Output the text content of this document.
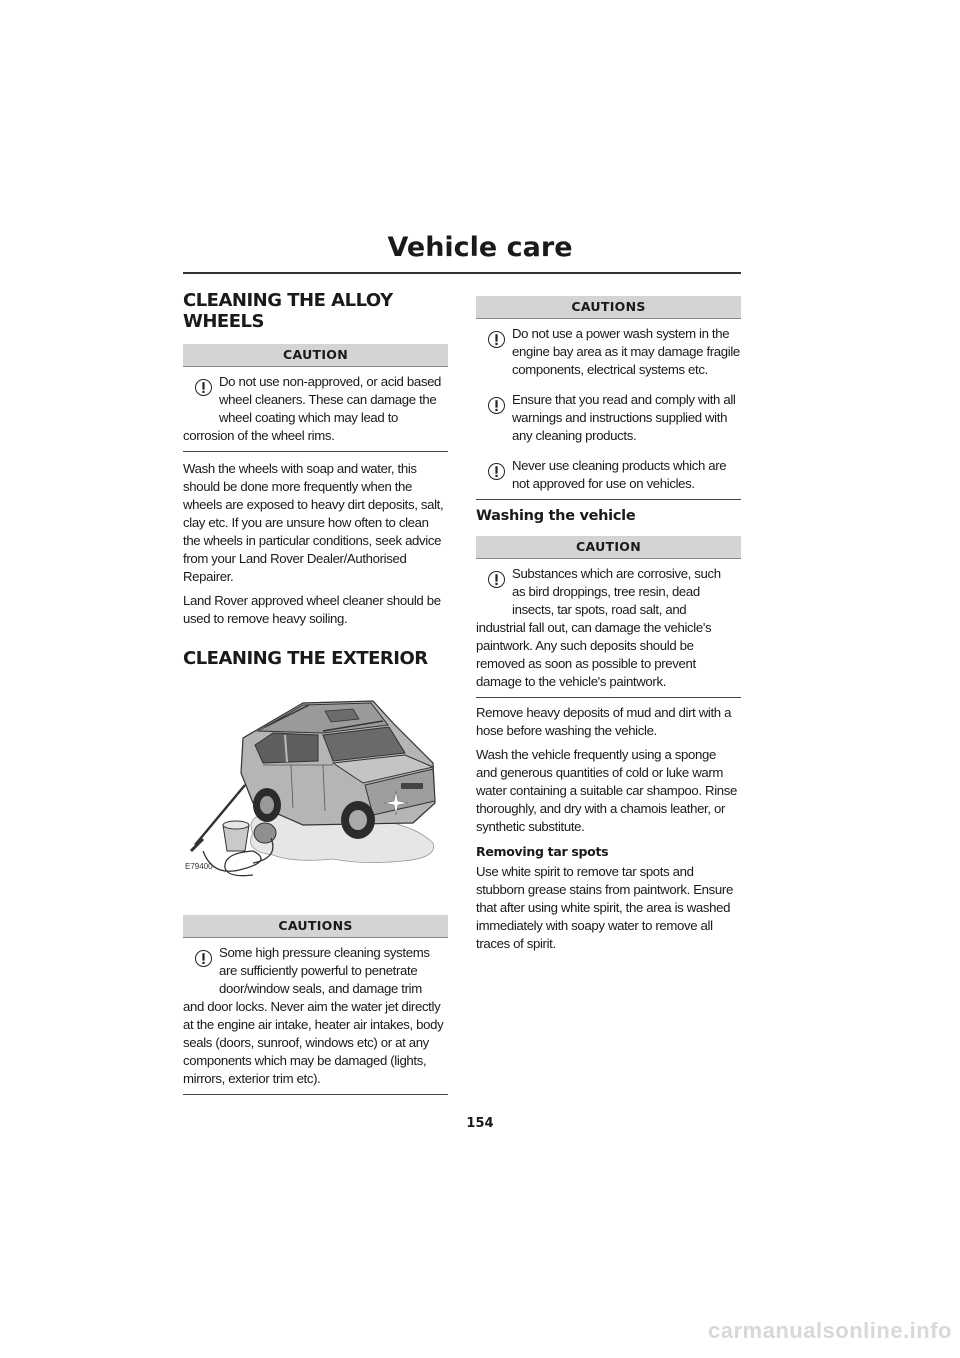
Vehicle care
CLEANING THE ALLOY WHEELS
CAUTION

Do not use non-approved, or acid based

wheel cleaners. These can damage the

wheel coating which may lead to

corrosion of the wheel rims.

Wash the wheels with soap and water, this

should be done more frequently when the

wheels are exposed to heavy dirt deposits, salt,

clay etc. If you are unsure how often to clean

the wheels in particular conditions, seek advice

from your Land Rover Dealer/Authorised

Repairer.

Land Rover approved wheel cleaner should be

used to remove heavy soiling.

CLEANING THE EXTERIOR
E79400
CAUTIONS

Some high pressure cleaning systems

are sufficiently powerful to penetrate

door/window seals, and damage trim

and door locks. Never aim the water jet directly

at the engine air intake, heater air intakes, body

seals (doors, sunroof, windows etc) or at any

components which may be damaged (lights,

mirrors, exterior trim etc).

CAUTIONS

Do not use a power wash system in the

engine bay area as it may damage fragile

components, electrical systems etc.

Ensure that you read and comply with all

warnings and instructions supplied with

any cleaning products.

Never use cleaning products which are

not approved for use on vehicles.

Washing the vehicle
CAUTION

Substances which are corrosive, such

as bird droppings, tree resin, dead

insects, tar spots, road salt, and

industrial fall out, can damage the vehicle's

paintwork. Any such deposits should be

removed as soon as possible to prevent

damage to the vehicle's paintwork.

Remove heavy deposits of mud and dirt with a

hose before washing the vehicle.

Wash the vehicle frequently using a sponge

and generous quantities of cold or luke warm

water containing a suitable car shampoo. Rinse

thoroughly, and dry with a chamois leather, or

synthetic substitute.

Removing tar spots

Use white spirit to remove tar spots and

stubborn grease stains from paintwork. Ensure

that after using white spirit, the area is washed

immediately with soapy water to remove all

traces of spirit.

154
carmanualsonline.info
